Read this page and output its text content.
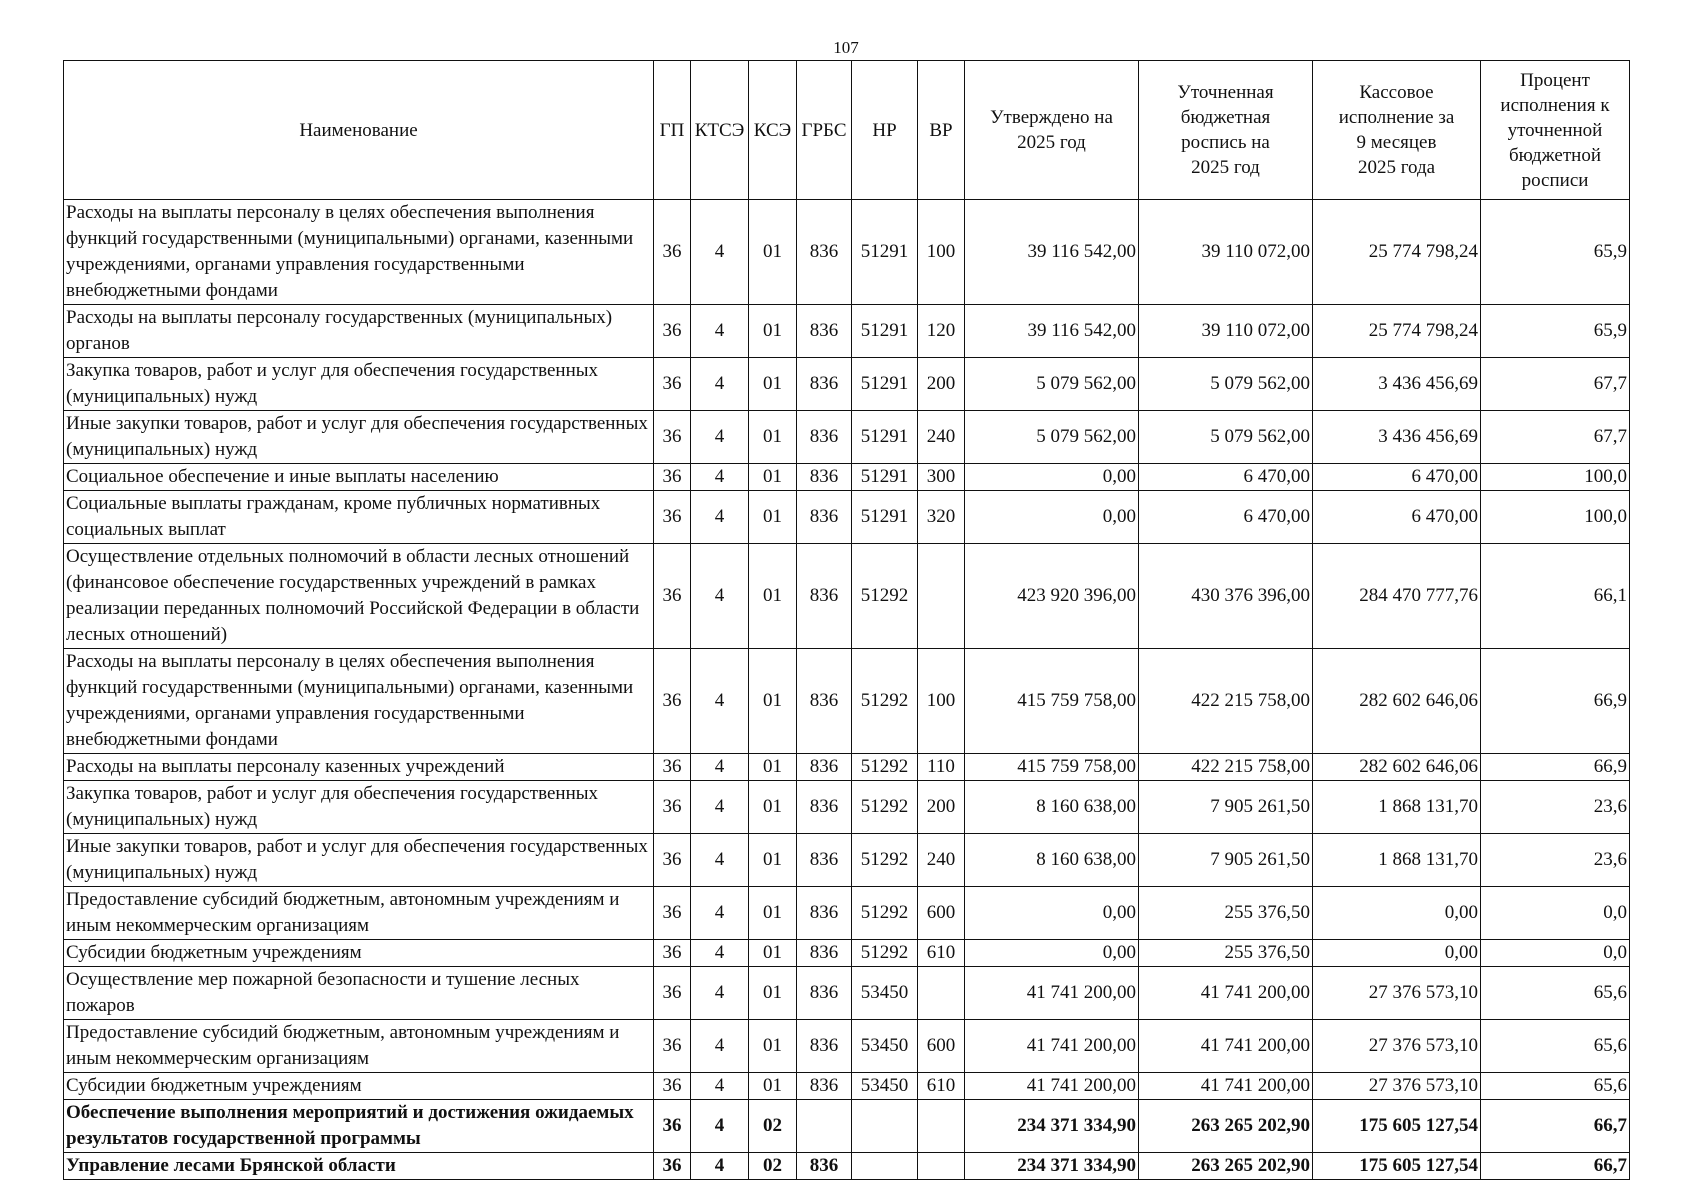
107
Наименование	ГП	КТСЭ	КСЭ	ГРБС	НР	ВР	Утверждено на 2025 год	Уточненная бюджетная роспись на 2025 год	Кассовое исполнение за 9 месяцев 2025 года	Процент исполнения к уточненной бюджетной росписи
Расходы на выплаты персоналу в целях обеспечения выполнения функций государственными (муниципальными) органами, казенными учреждениями, органами управления государственными внебюджетными фондами	36	4	01	836	51291	100	39 116 542,00	39 110 072,00	25 774 798,24	65,9
Расходы на выплаты персоналу государственных (муниципальных) органов	36	4	01	836	51291	120	39 116 542,00	39 110 072,00	25 774 798,24	65,9
Закупка товаров, работ и услуг для обеспечения государственных (муниципальных) нужд	36	4	01	836	51291	200	5 079 562,00	5 079 562,00	3 436 456,69	67,7
Иные закупки товаров, работ и услуг для обеспечения государственных (муниципальных) нужд	36	4	01	836	51291	240	5 079 562,00	5 079 562,00	3 436 456,69	67,7
Социальное обеспечение и иные выплаты населению	36	4	01	836	51291	300	0,00	6 470,00	6 470,00	100,0
Социальные выплаты гражданам, кроме публичных нормативных социальных выплат	36	4	01	836	51291	320	0,00	6 470,00	6 470,00	100,0
Осуществление отдельных полномочий в области лесных отношений (финансовое обеспечение государственных учреждений в рамках реализации переданных полномочий Российской Федерации в области лесных отношений)	36	4	01	836	51292		423 920 396,00	430 376 396,00	284 470 777,76	66,1
Расходы на выплаты персоналу в целях обеспечения выполнения функций государственными (муниципальными) органами, казенными учреждениями, органами управления государственными внебюджетными фондами	36	4	01	836	51292	100	415 759 758,00	422 215 758,00	282 602 646,06	66,9
Расходы на выплаты персоналу казенных учреждений	36	4	01	836	51292	110	415 759 758,00	422 215 758,00	282 602 646,06	66,9
Закупка товаров, работ и услуг для обеспечения государственных (муниципальных) нужд	36	4	01	836	51292	200	8 160 638,00	7 905 261,50	1 868 131,70	23,6
Иные закупки товаров, работ и услуг для обеспечения государственных (муниципальных) нужд	36	4	01	836	51292	240	8 160 638,00	7 905 261,50	1 868 131,70	23,6
Предоставление субсидий бюджетным, автономным учреждениям и иным некоммерческим организациям	36	4	01	836	51292	600	0,00	255 376,50	0,00	0,0
Субсидии бюджетным учреждениям	36	4	01	836	51292	610	0,00	255 376,50	0,00	0,0
Осуществление мер пожарной безопасности и тушение лесных пожаров	36	4	01	836	53450		41 741 200,00	41 741 200,00	27 376 573,10	65,6
Предоставление субсидий бюджетным, автономным учреждениям и иным некоммерческим организациям	36	4	01	836	53450	600	41 741 200,00	41 741 200,00	27 376 573,10	65,6
Субсидии бюджетным учреждениям	36	4	01	836	53450	610	41 741 200,00	41 741 200,00	27 376 573,10	65,6
Обеспечение выполнения мероприятий и достижения ожидаемых результатов государственной программы	36	4	02				234 371 334,90	263 265 202,90	175 605 127,54	66,7
Управление лесами Брянской области	36	4	02	836			234 371 334,90	263 265 202,90	175 605 127,54	66,7
